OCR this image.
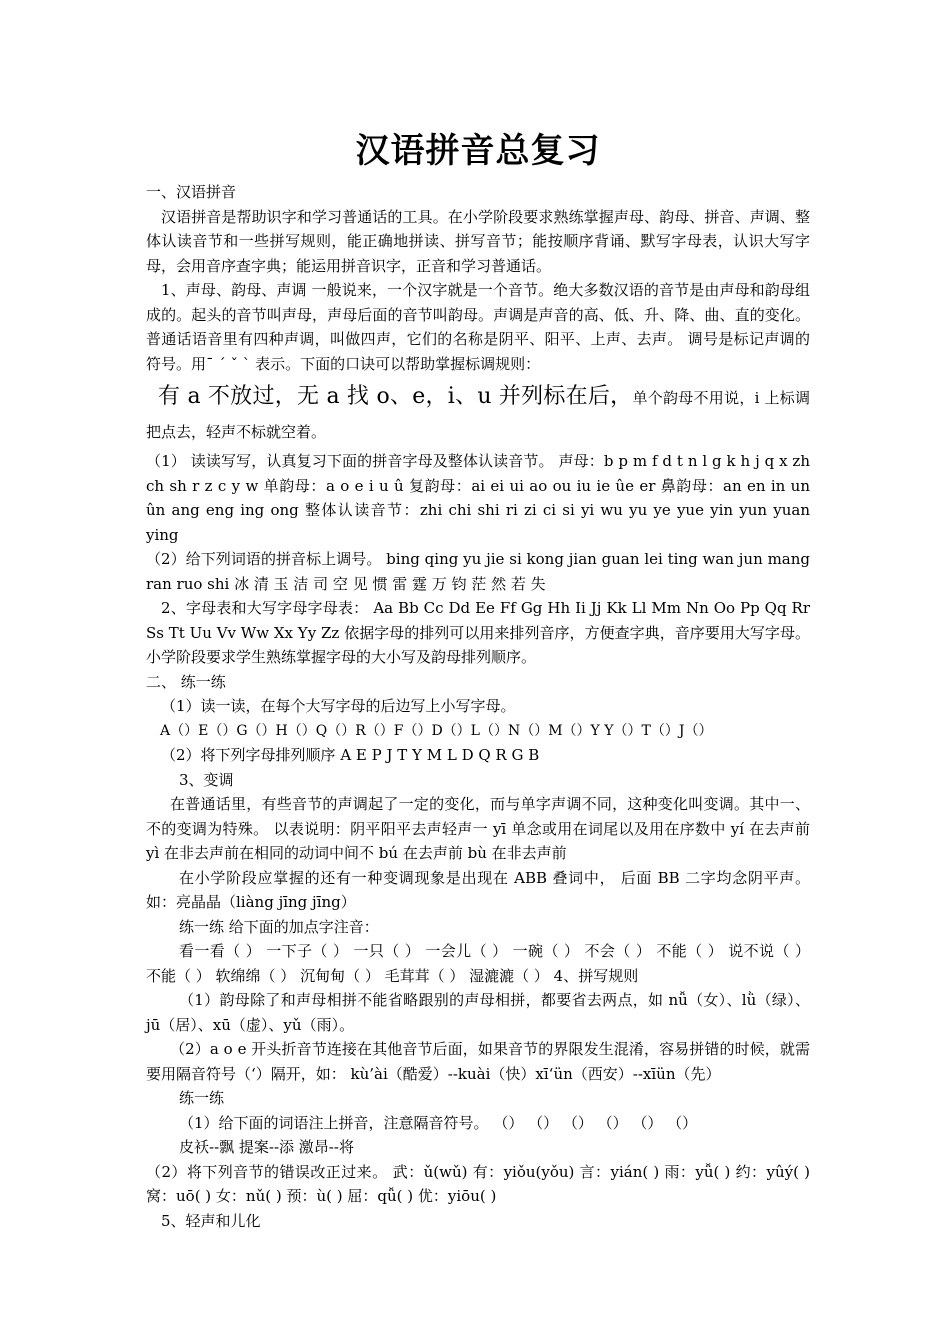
汉语拼音总复习

一、汉语拼音

汉语拼音是帮助识字和学习普通话的工具。在小学阶段要求熟练掌握声母、韵母、拼音、声调、整体认读音节和一些拼写规则，能正确地拼读、拼写音节；能按顺序背诵、默写字母表，认识大写字母，会用音序查字典；能运用拼音识字，正音和学习普通话。

1、声母、韵母、声调 一般说来，一个汉字就是一个音节。绝大多数汉语的音节是由声母和韵母组成的。起头的音节叫声母，声母后面的音节叫韵母。声调是声音的高、低、升、降、曲、直的变化。普通话语音里有四种声调，叫做四声，它们的名称是阴平、阳平、上声、去声。 调号是标记声调的符号。用ˉ ˊ ˇ ˋ 表示。下面的口诀可以帮助掌握标调规则：

有 a 不放过，无 a 找 o、e，i、u 并列标在后，单个韵母不用说，i 上标调把点去，轻声不标就空着。

（1） 读读写写，认真复习下面的拼音字母及整体认读音节。 声母：b p m f d t n l g k h j q x zh ch sh r z c y w 单韵母：a o e i u û 复韵母：ai ei ui ao ou iu ie ûe er 鼻韵母：an en in un ûn ang eng ing ong 整体认读音节：zhi chi shi ri zi ci si yi wu yu ye yue yin yun yuan ying

（2）给下列词语的拼音标上调号。 bing qing yu jie si kong jian guan lei ting wan jun mang ran ruo shi 冰 清 玉 洁 司 空 见 惯 雷 霆 万 钧 茫 然 若 失

2、字母表和大写字母字母表： Aa Bb Cc Dd Ee Ff Gg Hh Ii Jj Kk Ll Mm Nn Oo Pp Qq Rr Ss Tt Uu Vv Ww Xx Yy Zz 依据字母的排列可以用来排列音序，方便查字典，音序要用大写字母。小学阶段要求学生熟练掌握字母的大小写及韵母排列顺序。

二、 练一练

（1）读一读，在每个大写字母的后边写上小写字母。

A（）E（）G（）H（）Q（）R（）F（）D（）L（）N（）M（）Y Y（）T（）J（）

（2）将下列字母排列顺序 A E P J T Y M L D Q R G B

3、变调

在普通话里，有些音节的声调起了一定的变化，而与单字声调不同，这种变化叫变调。其中一、不的变调为特殊。 以表说明：阴平阳平去声轻声一 yī 单念或用在词尾以及用在序数中 yí 在去声前 yì 在非去声前在相同的动词中间不 bú 在去声前 bù 在非去声前

在小学阶段应掌握的还有一种变调现象是出现在 ABB 叠词中， 后面 BB 二字均念阴平声。如：亮晶晶（liàng jīng jīng）

练一练 给下面的加点字注音：

看一看（ ） 一下子（ ） 一只（ ） 一会儿（ ） 一碗（ ） 不会（ ） 不能（ ） 说不说（ ） 不能（ ） 软绵绵（ ） 沉甸甸（ ） 毛茸茸（ ） 湿漉漉（ ） 4、拼写规则

（1）韵母除了和声母相拼不能省略跟别的声母相拼，都要省去两点，如 nǚ（女）、lǜ（绿）、jū（居）、xū（虚）、yǔ（雨）。

（2）a o e 开头折音节连接在其他音节后面，如果音节的界限发生混淆，容易拼错的时候，就需要用隔音符号（‘）隔开，如： kù’ài（酷爱）--kuài（快）xī‘ün（西安）--xīün（先）

练一练

（1）给下面的词语注上拼音，注意隔音符号。 （） （） （） （） （） （）

皮袄--飘 提案--添 激昂--将

（2）将下列音节的错误改正过来。 武：ǔ(wǔ) 有：yiǒu(yǒu) 言：yián( ) 雨：yǚ( ) 约：yûý( ) 窝：uō( ) 女：nǔ( ) 预：ù( ) 屈：qǚ( ) 优：yiōu( )

5、轻声和儿化
